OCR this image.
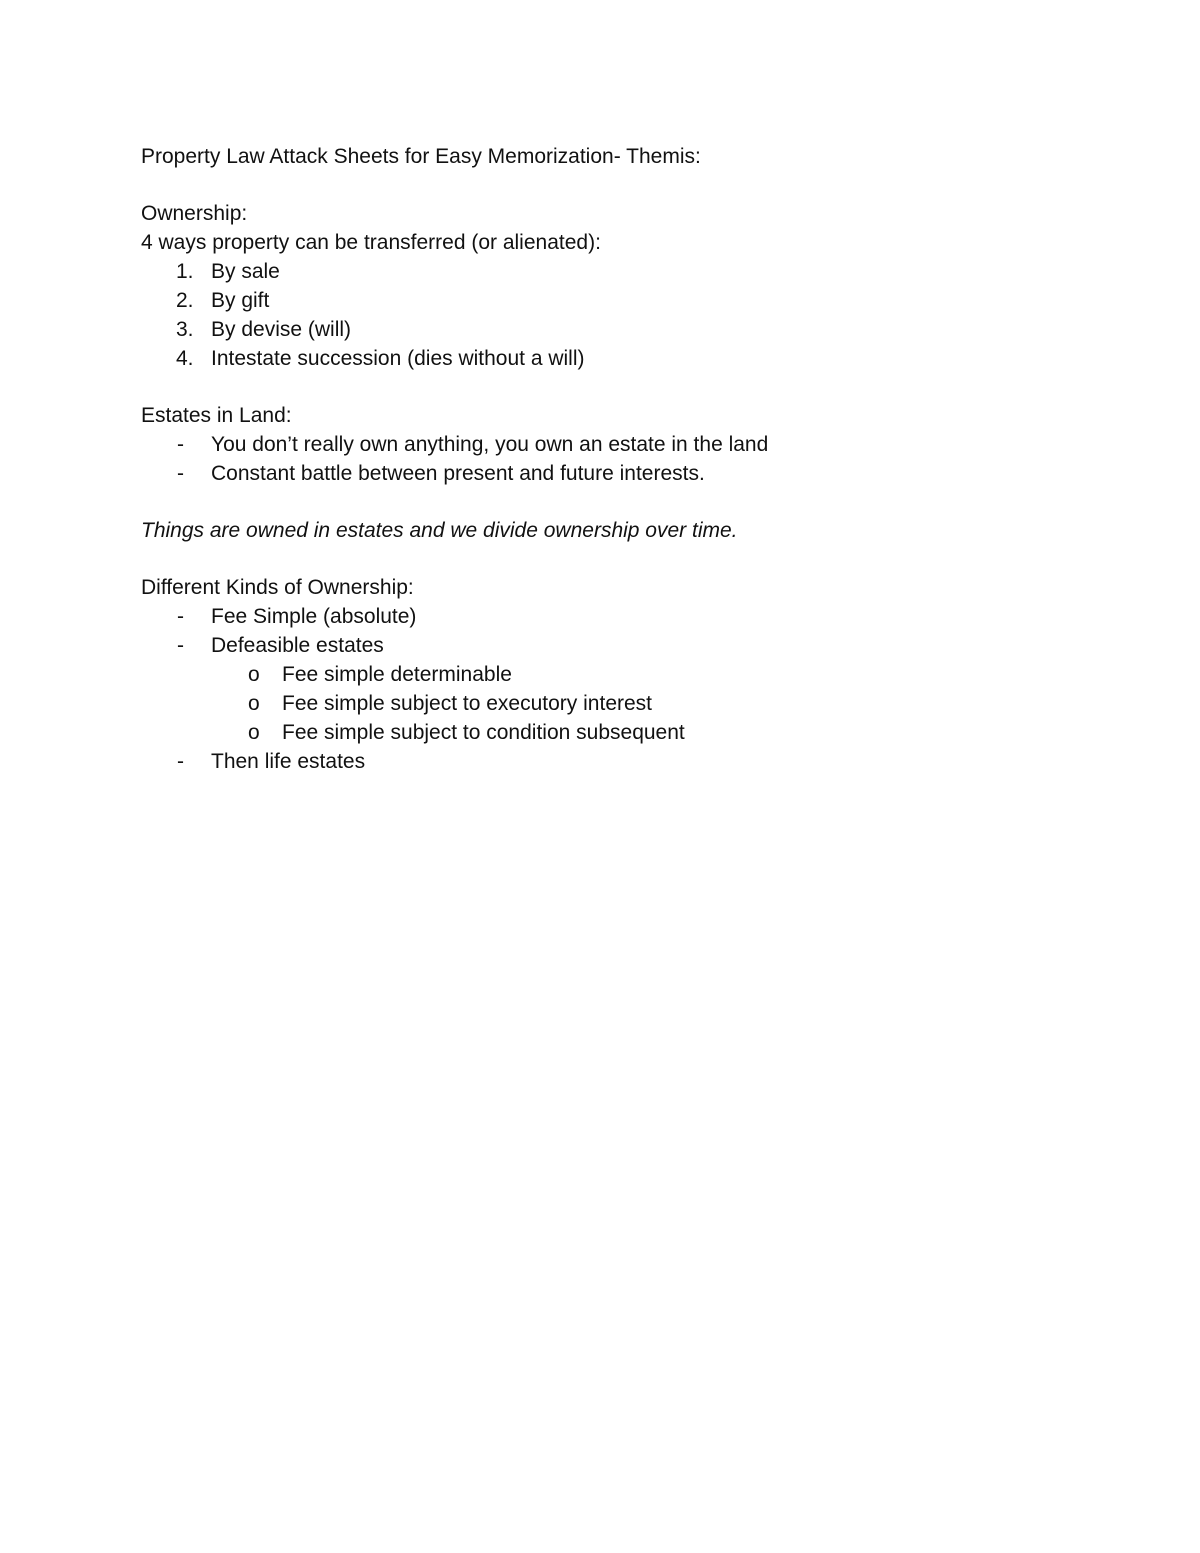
Property Law Attack Sheets for Easy Memorization- Themis:
Ownership:
4 ways property can be transferred (or alienated):
1. By sale
2. By gift
3. By devise (will)
4. Intestate succession (dies without a will)
Estates in Land:
-	You don’t really own anything, you own an estate in the land
-	Constant battle between present and future interests.
Things are owned in estates and we divide ownership over time.
Different Kinds of Ownership:
-	Fee Simple (absolute)
-	Defeasible estates
o	Fee simple determinable
o	Fee simple subject to executory interest
o	Fee simple subject to condition subsequent
-	Then life estates
